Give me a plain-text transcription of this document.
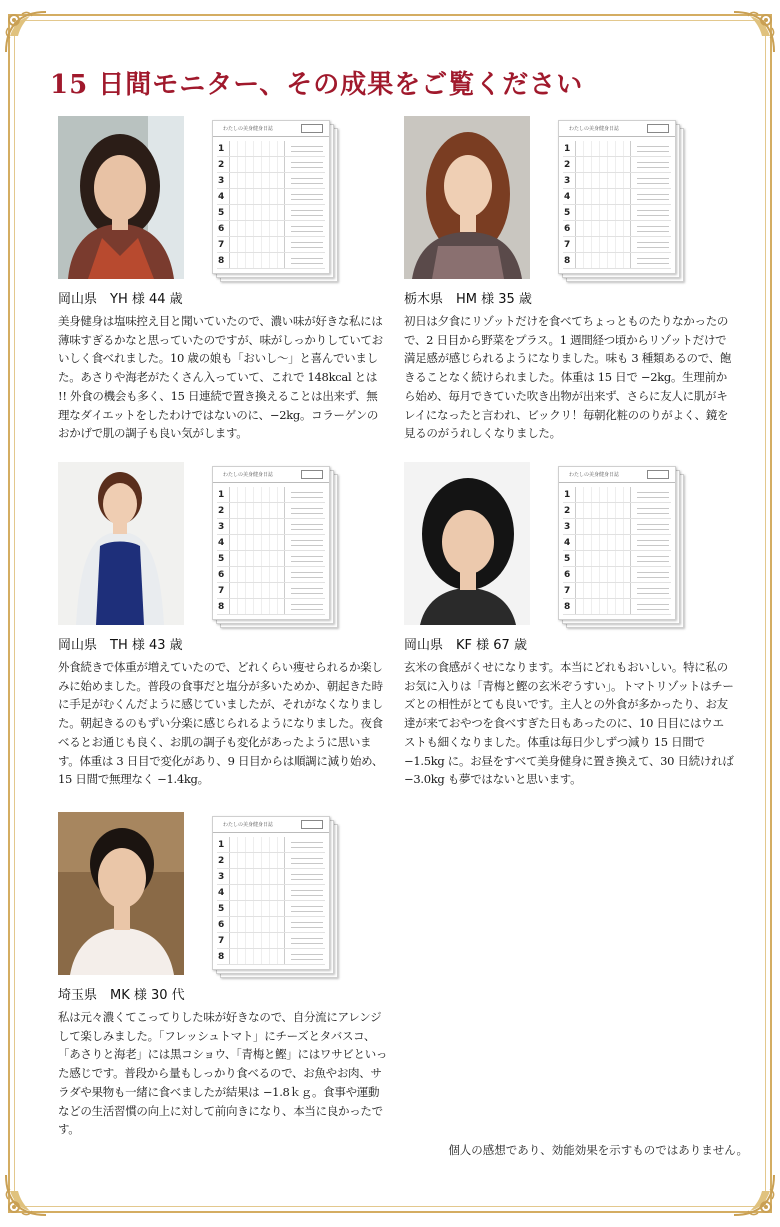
15 日間モニター、その成果をご覧ください
わたしの美身健身日誌
1
2
3
4
5
6
7
8
岡山県　YH 様 44 歳

美身健身は塩味控え目と聞いていたので、濃い味が好きな私には薄味すぎるかなと思っていたのですが、味がしっかりしていておいしく食べれました。10 歳の娘も「おいし～」と喜んでいました。あさりや海老がたくさん入っていて、これで 148kcal とは !! 外食の機会も多く、15 日連続で置き換えることは出来ず、無理なダイエットをしたわけではないのに、−2kg。コラーゲンのおかげで肌の調子も良い気がします。

わたしの美身健身日誌
1
2
3
4
5
6
7
8
栃木県　HM 様 35 歳

初日は夕食にリゾットだけを食べてちょっとものたりなかったので、2 日目から野菜をプラス。1 週間経つ頃からリゾットだけで満足感が感じられるようになりました。味も 3 種類あるので、飽きることなく続けられました。体重は 15 日で −2kg。生理前から始め、毎月できていた吹き出物が出来ず、さらに友人に肌がキレイになったと言われ、ビックリ！毎朝化粧ののりがよく、鏡を見るのがうれしくなりました。

わたしの美身健身日誌
1
2
3
4
5
6
7
8
岡山県　TH 様 43 歳

外食続きで体重が増えていたので、どれくらい痩せられるか楽しみに始めました。普段の食事だと塩分が多いためか、朝起きた時に手足がむくんだように感じていましたが、それがなくなりました。朝起きるのもずい分楽に感じられるようになりました。夜食べるとお通じも良く、お肌の調子も変化があったように思います。体重は 3 日目で変化があり、9 日目からは順調に減り始め、15 日間で無理なく −1.4kg。

わたしの美身健身日誌
1
2
3
4
5
6
7
8
岡山県　KF 様 67 歳

玄米の食感がくせになります。本当にどれもおいしい。特に私のお気に入りは「青梅と鰹の玄米ぞうすい」。トマトリゾットはチーズとの相性がとても良いです。主人との外食が多かったり、お友達が来ておやつを食べすぎた日もあったのに、10 日目にはウエストも細くなりました。体重は毎日少しずつ減り 15 日間で −1.5kg に。お昼をすべて美身健身に置き換えて、30 日続ければ −3.0kg も夢ではないと思います。

わたしの美身健身日誌
1
2
3
4
5
6
7
8
埼玉県　MK 様 30 代

私は元々濃くてこってりした味が好きなので、自分流にアレンジして楽しみました。「フレッシュトマト」にチーズとタバスコ、「あさりと海老」には黒コショウ、「青梅と鰹」にはワサビといった感じです。普段から量もしっかり食べるので、お魚やお肉、サラダや果物も一緒に食べましたが結果は −1.8ｋｇ。食事や運動などの生活習慣の向上に対して前向きになり、本当に良かったです。

個人の感想であり、効能効果を示すものではありません。
